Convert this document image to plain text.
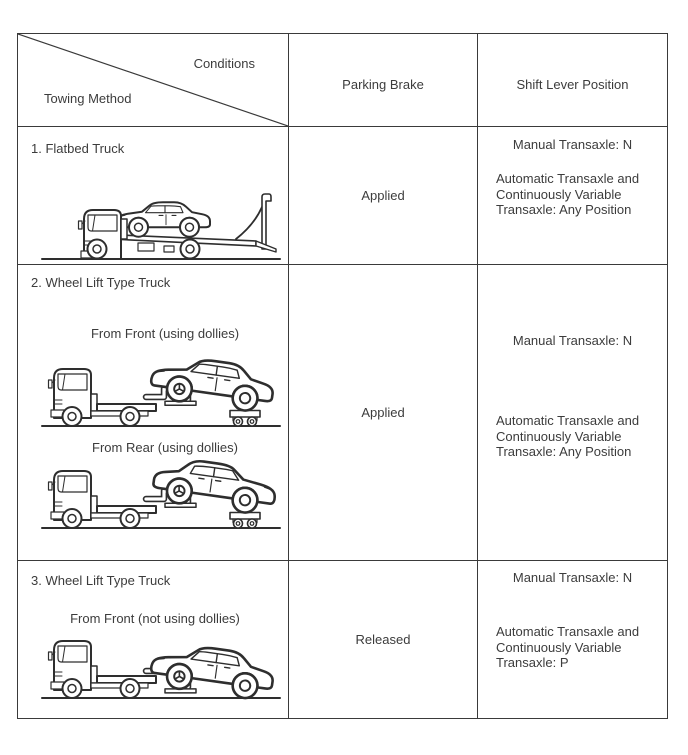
Conditions
Towing Method
Parking Brake	Shift Lever Position
1. Flatbed Truck
Applied
Manual Transaxle: N
Automatic Transaxle and Continuously Variable Transaxle: Any Position
2. Wheel Lift Type Truck
From Front (using dollies)
From Rear (using dollies)
Applied
Manual Transaxle: N
Automatic Transaxle and Continuously Variable Transaxle: Any Position
3. Wheel Lift Type Truck
From Front (not using dollies)
Released
Manual Transaxle: N
Automatic Transaxle and Continuously Variable Transaxle: P
